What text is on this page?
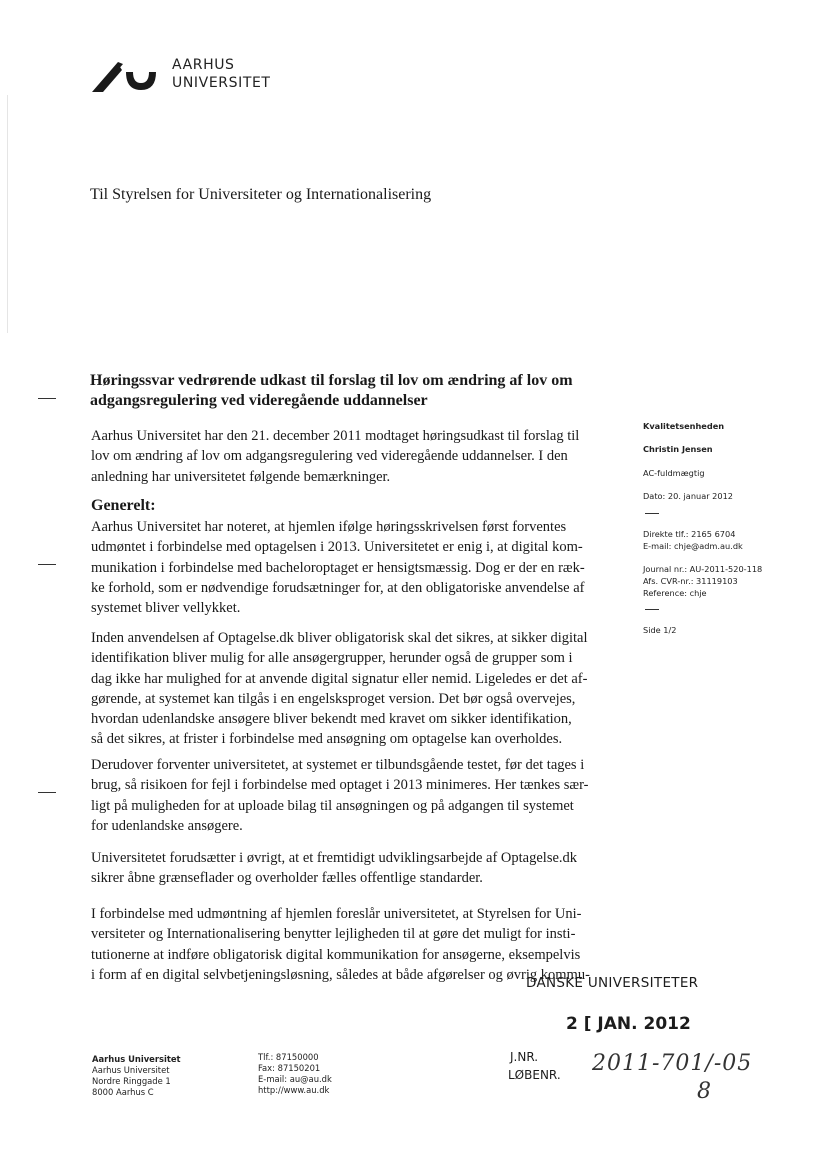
AARHUS
UNIVERSITET
Til Styrelsen for Universiteter og Internationalisering
Høringssvar vedrørende udkast til forslag til lov om ændring af lov om
adgangsregulering ved videregående uddannelser

Aarhus Universitet har den 21. december 2011 modtaget høringsudkast til forslag til
lov om ændring af lov om adgangsregulering ved videregående uddannelser. I den
anledning har universitetet følgende bemærkninger.

Generelt:

Aarhus Universitet har noteret, at hjemlen ifølge høringsskrivelsen først forventes
udmøntet i forbindelse med optagelsen i 2013. Universitetet er enig i, at digital kom-
munikation i forbindelse med bacheloroptaget er hensigtsmæssig. Dog er der en ræk-
ke forhold, som er nødvendige forudsætninger for, at den obligatoriske anvendelse af
systemet bliver vellykket.

Inden anvendelsen af Optagelse.dk bliver obligatorisk skal det sikres, at sikker digital
identifikation bliver mulig for alle ansøgergrupper, herunder også de grupper som i
dag ikke har mulighed for at anvende digital signatur eller nemid. Ligeledes er det af-
gørende, at systemet kan tilgås i en engelsksproget version. Det bør også overvejes,
hvordan udenlandske ansøgere bliver bekendt med kravet om sikker identifikation,
så det sikres, at frister i forbindelse med ansøgning om optagelse kan overholdes.

Derudover forventer universitetet, at systemet er tilbundsgående testet, før det tages i
brug, så risikoen for fejl i forbindelse med optaget i 2013 minimeres. Her tænkes sær-
ligt på muligheden for at uploade bilag til ansøgningen og på adgangen til systemet
for udenlandske ansøgere.

Universitetet forudsætter i øvrigt, at et fremtidigt udviklingsarbejde af Optagelse.dk
sikrer åbne grænseflader og overholder fælles offentlige standarder.

I forbindelse med udmøntning af hjemlen foreslår universitetet, at Styrelsen for Uni-
versiteter og Internationalisering benytter lejligheden til at gøre det muligt for insti-
tutionerne at indføre obligatorisk digital kommunikation for ansøgerne, eksempelvis
i form af en digital selvbetjeningsløsning, således at både afgørelser og øvrig kommu-

Kvalitetsenheden
Christin Jensen
AC-fuldmægtig
Dato: 20. januar 2012
Direkte tlf.: 2165 6704
E-mail: chje@adm.au.dk
Journal nr.: AU-2011-520-118
Afs. CVR-nr.: 31119103
Reference: chje
Side 1/2
DANSKE UNIVERSITETER
2 [ JAN. 2012
J.NR.
LØBENR. 2011-701/-05
8
Aarhus Universitet
Aarhus Universitet
Nordre Ringgade 1
8000 Aarhus C
Tlf.: 87150000
Fax: 87150201
E-mail: au@au.dk
http://www.au.dk
